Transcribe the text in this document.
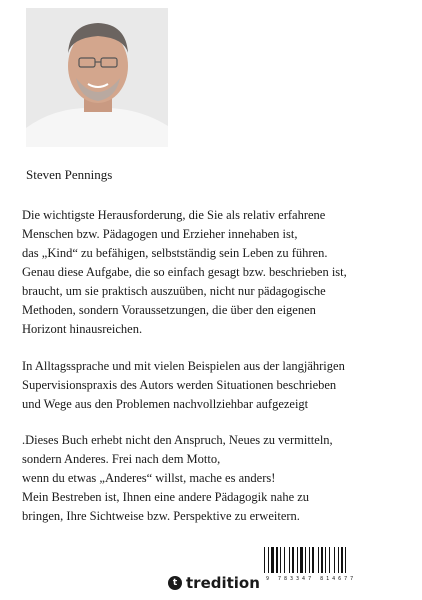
Steven Pennings

Die wichtigste Herausforderung, die Sie als relativ erfahrene
Menschen bzw. Pädagogen und Erzieher innehaben ist,
das „Kind“ zu befähigen, selbstständig sein Leben zu führen.
Genau diese Aufgabe, die so einfach gesagt bzw. beschrieben ist,
braucht, um sie praktisch auszuüben, nicht nur pädagogische
Methoden, sondern Voraussetzungen, die über den eigenen
Horizont hinausreichen.

In Alltagssprache und mit vielen Beispielen aus der langjährigen
Supervisionspraxis des Autors werden Situationen beschrieben
und Wege aus den Problemen nachvollziehbar aufgezeigt

.Dieses Buch erhebt nicht den Anspruch, Neues zu vermitteln,
sondern Anderes. Frei nach dem Motto,
wenn du etwas „Anderes“ willst, mache es anders!
Mein Bestreben ist, Ihnen eine andere Pädagogik nahe zu
bringen, Ihre Sichtweise bzw. Perspektive zu erweitern.

9 783347 814677
t tredition
